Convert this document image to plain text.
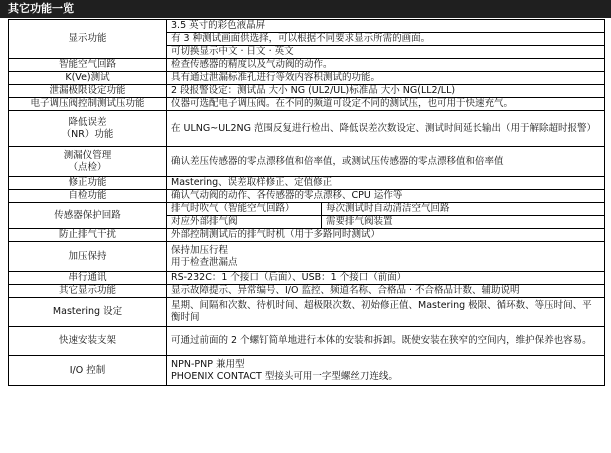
其它功能一览
显示功能	3.5 英寸的彩色液晶屏	
	有 3 种测试画面供选择，可以根据不同要求显示所需的画面。	
	可切换显示中文 · 日文 · 英文	
智能空气回路	检查传感器的精度以及气动阀的动作。	
K(Ve)测试	具有通过泄漏标准孔进行等效内容积测试的功能。	
泄漏极限设定功能	2 段报警设定：测试品 大小 NG (UL2/UL)标准品 大小 NG(LL2/LL)	
电子调压阀控制测试压功能	仪器可选配电子调压阀。在不同的频道可设定不同的测试压，也可用于快速充气。	

降低误差
（NR）功能	在 ULNG~UL2NG 范围反复进行检出、降低误差次数设定、测试时间延长输出（用于解除超时报警）	

测漏仪管理
（点检）	确认差压传感器的零点漂移值和倍率值，或测试压传感器的零点漂移值和倍率值	
修正功能	Mastering、误差取样修正、定值修正	
自检功能	确认气动阀的动作、各传感器的零点漂移、CPU 运作等	
传感器保护回路	排气时吹气（智能空气回路）	每次测试时自动清洁空气回路
	对应外部排气阀	需要排气阀装置
防止排气干扰	外部控制测试后的排气时机（用于多路同时测试）	
加压保持	保持加压行程
用于检查泄漏点	

串行通讯	RS-232C：1 个接口（后面）、USB：1 个接口（前面）	
其它显示功能	显示故障提示、异常编号、I/O 监控、频道名称、合格品 · 不合格品计数、辅助说明	
Mastering 设定	星期、间隔和次数、待机时间、超极限次数、初始修正值、Mastering 极限、循环数、等压时间、平衡时间	
快速安装支架	可通过前面的 2 个螺钉简单地进行本体的安装和拆卸。既使安装在狭窄的空间内，维护保养也容易。	
I/O 控制	NPN-PNP 兼用型
PHOENIX CONTACT 型接头可用一字型螺丝刀连线。	
